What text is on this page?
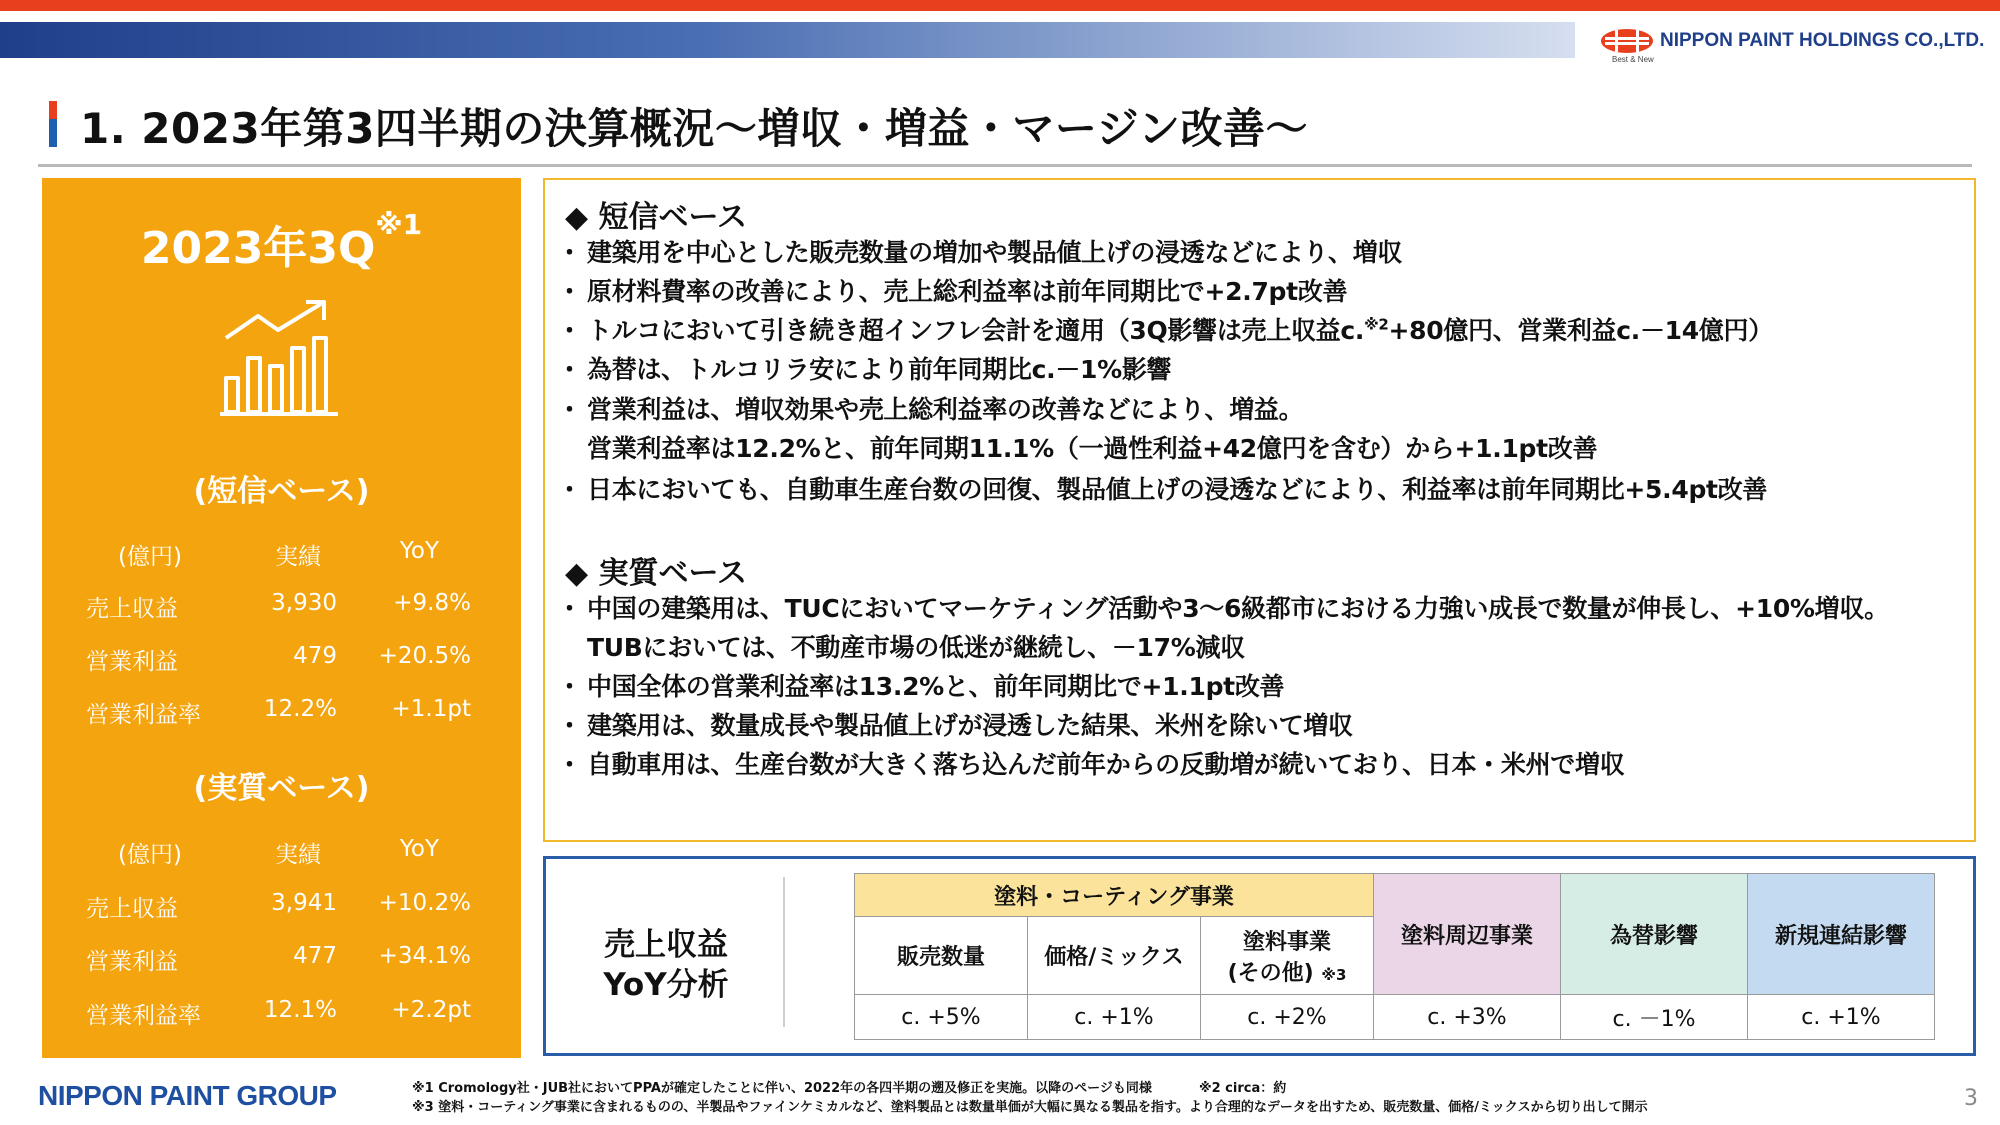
NIPPON PAINT HOLDINGS CO.,LTD.
Best & New
1. 2023年第3四半期の決算概況～増収・増益・マージン改善～
2023年$3Q^{※1}$
(短信ベース)
(億円)	実績	YoY
売上収益	3,930 +9.8%
営業利益	479 +20.5%
営業利益率	12.2% +1.1pt
(実質ベース)
(億円)	実績	YoY
売上収益	3,941 +10.2%
営業利益	477 +34.1%
営業利益率	12.1% +2.2pt
◆ 短信ベース
・ 建築用を中心とした販売数量の増加や製品値上げの浸透などにより、増収
・ 原材料費率の改善により、売上総利益率は前年同期比で+2.7pt改善
・ トルコにおいて引き続き超インフレ会計を適用（3Q影響は売上収益c.$^{※2}$+80億円、営業利益c.－14億円）
・ 為替は、トルコリラ安により前年同期比c.－1%影響
・ 営業利益は、増収効果や売上総利益率の改善などにより、増益。
営業利益率は12.2%と、前年同期11.1%（一過性利益+42億円を含む）から+1.1pt改善
・ 日本においても、自動車生産台数の回復、製品値上げの浸透などにより、利益率は前年同期比+5.4pt改善
◆ 実質ベース
・ 中国の建築用は、TUCにおいてマーケティング活動や3～6級都市における力強い成長で数量が伸長し、+10%増収。
TUBにおいては、不動産市場の低迷が継続し、－17%減収
・ 中国全体の営業利益率は13.2%と、前年同期比で+1.1pt改善
・ 建築用は、数量成長や製品値上げが浸透した結果、米州を除いて増収
・ 自動車用は、生産台数が大きく落ち込んだ前年からの反動増が続いており、日本・米州で増収
売上収益
YoY分析
塗料・コーティング事業			塗料周辺事業	為替影響	新規連結影響
販売数量	価格/ミックス	塗料事業
(その他) ※3			

c. +5%	c. +1%	c. +2%	c. +3%	c. －1%	c. +1%
NIPPON PAINT GROUP	※1 Cromology社・JUB社においてPPAが確定したことに伴い、2022年の各四半期の遡及修正を実施。以降のページも同様	※2 circa：約
※3 塗料・コーティング事業に含まれるものの、半製品やファインケミカルなど、塗料製品とは数量単価が大幅に異なる製品を指す。より合理的なデータを出すため、販売数量、価格/ミックスから切り出して開示	3
